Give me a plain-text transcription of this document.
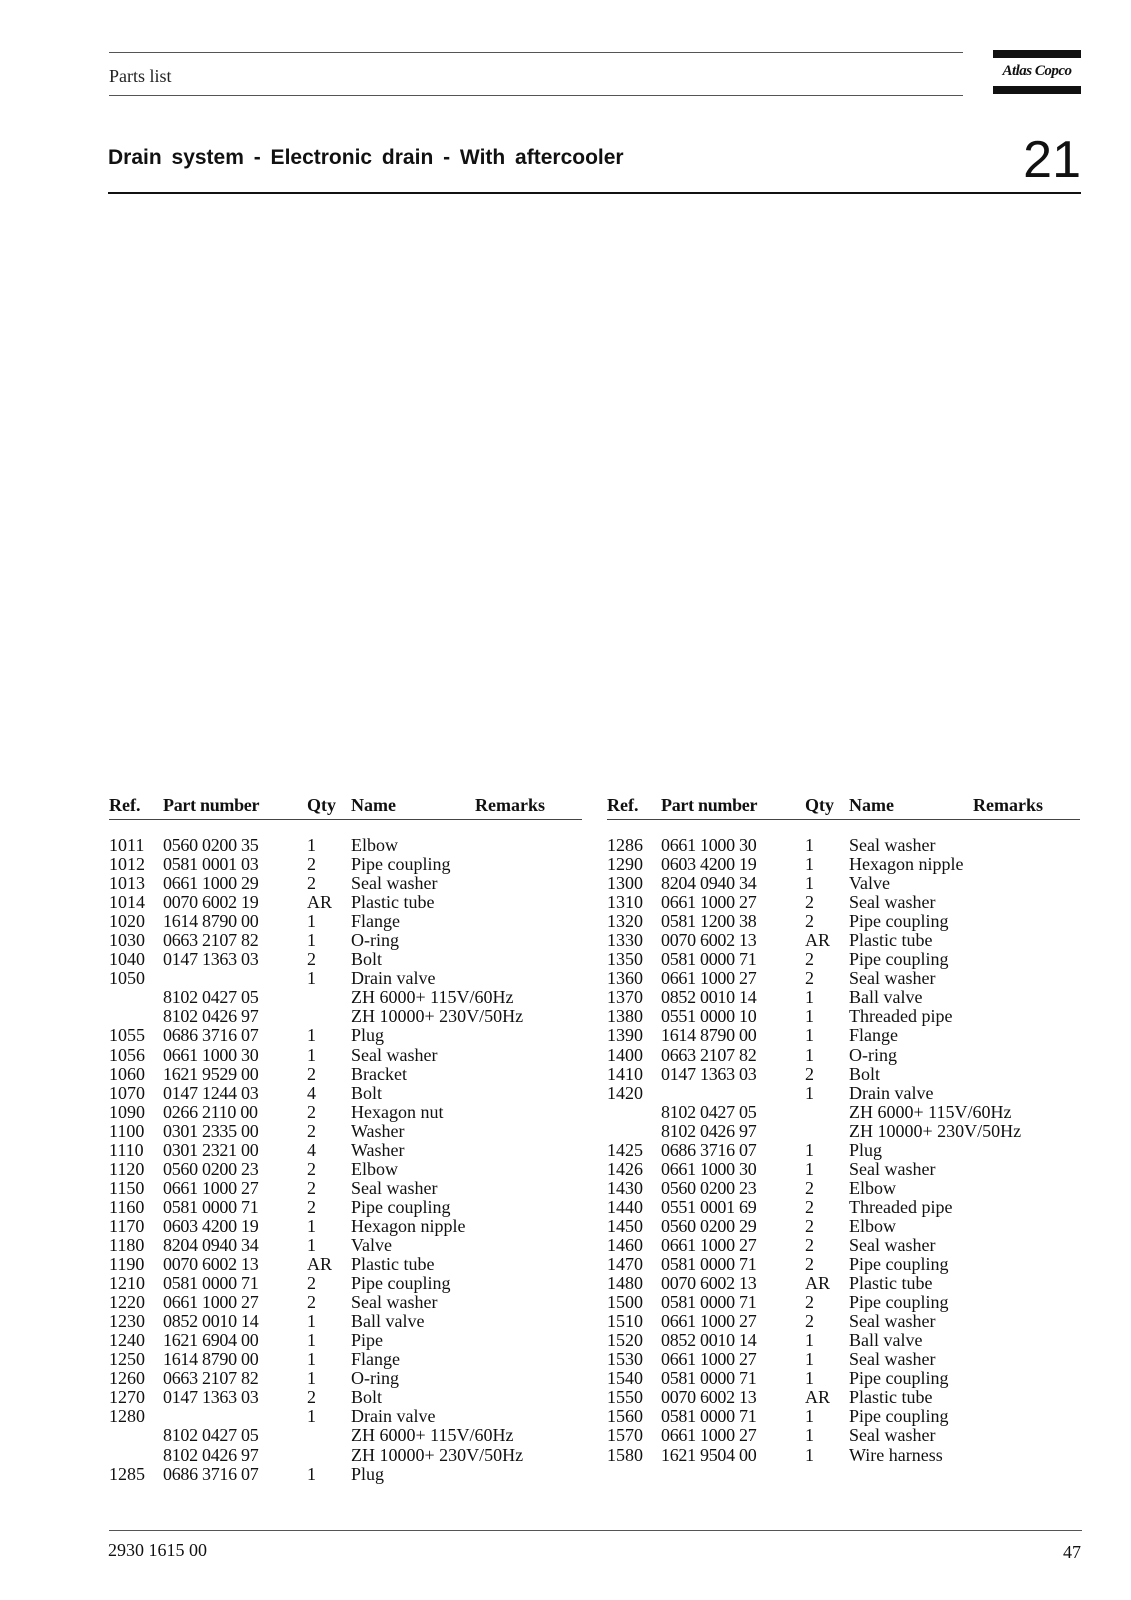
Parts list	Atlas Copco
Drain system - Electronic drain - With aftercooler	21
Ref. Part number	Qty Name	Remarks
1011 0560 0200 35	1 Elbow
1012 0581 0001 03	2 Pipe coupling
1013 0661 1000 29	2 Seal washer
1014 0070 6002 19	AR Plastic tube
1020 1614 8790 00	1 Flange
1030 0663 2107 82	1 O-ring
1040 0147 1363 03	2 Bolt
1050	1 Drain valve
8102 0427 05	ZH 6000+ 115V/60Hz
8102 0426 97	ZH 10000+ 230V/50Hz
1055 0686 3716 07	1 Plug
1056 0661 1000 30	1 Seal washer
1060 1621 9529 00	2 Bracket
1070 0147 1244 03	4 Bolt
1090 0266 2110 00	2 Hexagon nut
1100 0301 2335 00	2 Washer
1110 0301 2321 00	4 Washer
1120 0560 0200 23	2 Elbow
1150 0661 1000 27	2 Seal washer
1160 0581 0000 71	2 Pipe coupling
1170 0603 4200 19	1 Hexagon nipple
1180 8204 0940 34	1 Valve
1190 0070 6002 13	AR Plastic tube
1210 0581 0000 71	2 Pipe coupling
1220 0661 1000 27	2 Seal washer
1230 0852 0010 14	1 Ball valve
1240 1621 6904 00	1 Pipe
1250 1614 8790 00	1 Flange
1260 0663 2107 82	1 O-ring
1270 0147 1363 03	2 Bolt
1280	1 Drain valve
8102 0427 05	ZH 6000+ 115V/60Hz
8102 0426 97	ZH 10000+ 230V/50Hz
1285 0686 3716 07	1 Plug
Ref. Part number	Qty Name	Remarks
1286 0661 1000 30	1 Seal washer
1290 0603 4200 19	1 Hexagon nipple
1300 8204 0940 34	1 Valve
1310 0661 1000 27	2 Seal washer
1320 0581 1200 38	2 Pipe coupling
1330 0070 6002 13	AR Plastic tube
1350 0581 0000 71	2 Pipe coupling
1360 0661 1000 27	2 Seal washer
1370 0852 0010 14	1 Ball valve
1380 0551 0000 10	1 Threaded pipe
1390 1614 8790 00	1 Flange
1400 0663 2107 82	1 O-ring
1410 0147 1363 03	2 Bolt
1420	1 Drain valve
8102 0427 05	ZH 6000+ 115V/60Hz
8102 0426 97	ZH 10000+ 230V/50Hz
1425 0686 3716 07	1 Plug
1426 0661 1000 30	1 Seal washer
1430 0560 0200 23	2 Elbow
1440 0551 0001 69	2 Threaded pipe
1450 0560 0200 29	2 Elbow
1460 0661 1000 27	2 Seal washer
1470 0581 0000 71	2 Pipe coupling
1480 0070 6002 13	AR Plastic tube
1500 0581 0000 71	2 Pipe coupling
1510 0661 1000 27	2 Seal washer
1520 0852 0010 14	1 Ball valve
1530 0661 1000 27	1 Seal washer
1540 0581 0000 71	1 Pipe coupling
1550 0070 6002 13	AR Plastic tube
1560 0581 0000 71	1 Pipe coupling
1570 0661 1000 27	1 Seal washer
1580 1621 9504 00	1 Wire harness
2930 1615 00	47
